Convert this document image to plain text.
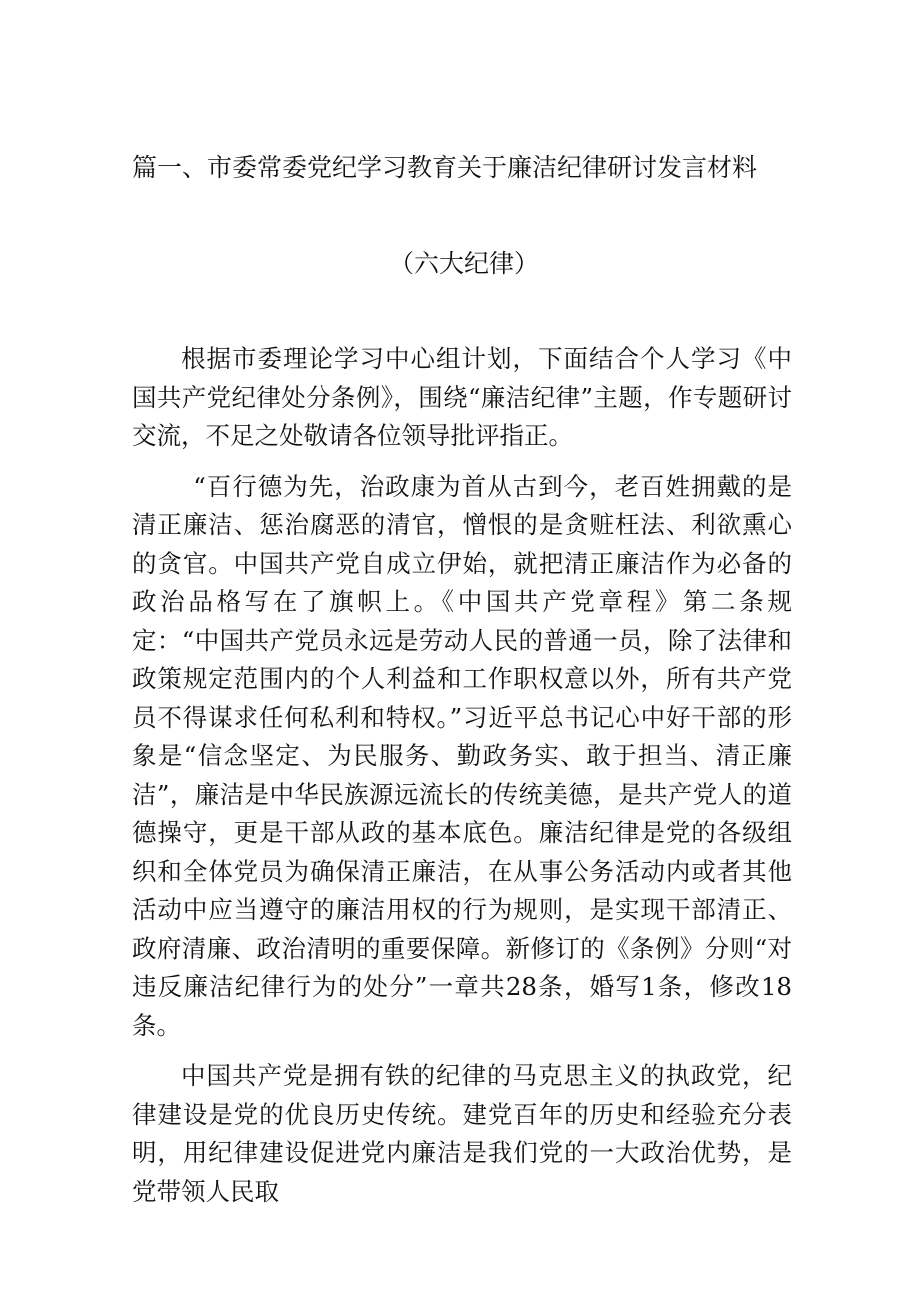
篇一、市委常委党纪学习教育关于廉洁纪律研讨发言材料
（六大纪律）

根据市委理论学习中心组计划，下面结合个人学习《中国共产党纪律处分条例》，围绕“廉洁纪律”主题，作专题研讨交流，不足之处敬请各位领导批评指正。

“百行德为先，治政康为首从古到今，老百姓拥戴的是清正廉洁、惩治腐恶的清官，憎恨的是贪赃枉法、利欲熏心的贪官。中国共产党自成立伊始，就把清正廉洁作为必备的政治品格写在了旗帜上。《中国共产党章程》第二条规定：“中国共产党员永远是劳动人民的普通一员，除了法律和政策规定范围内的个人利益和工作职权意以外，所有共产党员不得谋求任何私利和特权。”习近平总书记心中好干部的形象是“信念坚定、为民服务、勤政务实、敢于担当、清正廉洁”，廉洁是中华民族源远流长的传统美德，是共产党人的道德操守，更是干部从政的基本底色。廉洁纪律是党的各级组织和全体党员为确保清正廉洁，在从事公务活动内或者其他活动中应当遵守的廉洁用权的行为规则，是实现干部清正、政府清廉、政治清明的重要保障。新修订的《条例》分则“对违反廉洁纪律行为的处分”一章共28条，婚写1条，修改18条。

中国共产党是拥有铁的纪律的马克思主义的执政党，纪律建设是党的优良历史传统。建党百年的历史和经验充分表明，用纪律建设促进党内廉洁是我们党的一大政治优势，是党带领人民取
